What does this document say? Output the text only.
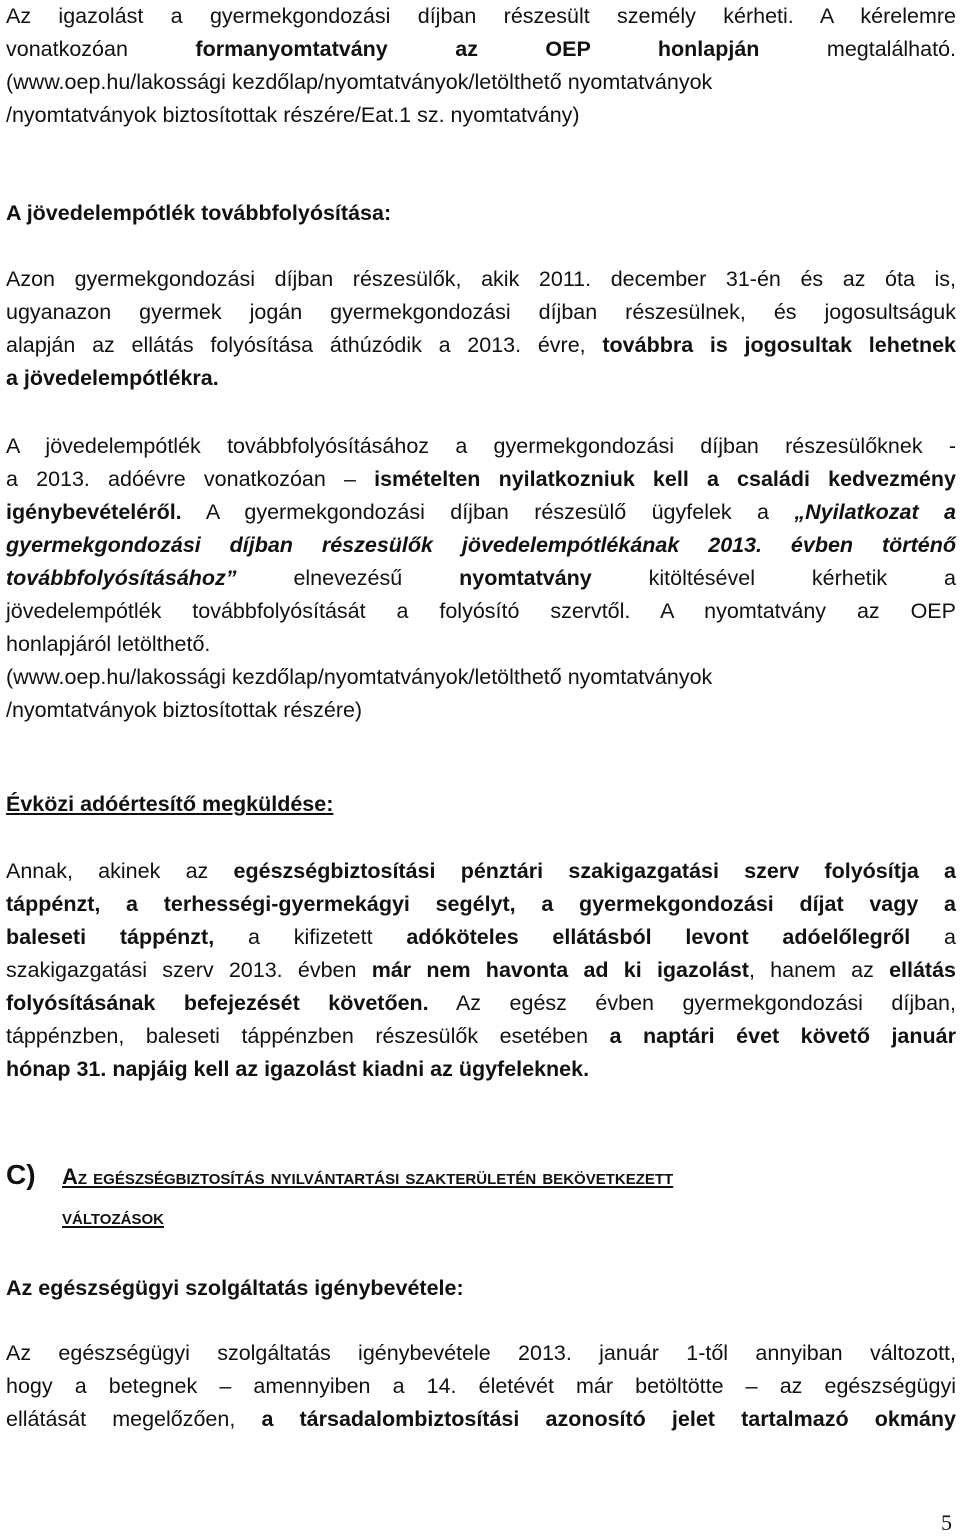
Az igazolást a gyermekgondozási díjban részesült személy kérheti. A kérelemre

vonatkozóan formanyomtatvány az OEP honlapján megtalálható.

(www.oep.hu/lakossági kezdőlap/nyomtatványok/letölthető nyomtatványok

/nyomtatványok biztosítottak részére/Eat.1 sz. nyomtatvány)

A jövedelempótlék továbbfolyósítása:

Azon gyermekgondozási díjban részesülők, akik 2011. december 31-én és az óta is,

ugyanazon gyermek jogán gyermekgondozási díjban részesülnek, és jogosultságuk

alapján az ellátás folyósítása áthúzódik a 2013. évre, továbbra is jogosultak lehetnek

a jövedelempótlékra.

A jövedelempótlék továbbfolyósításához a gyermekgondozási díjban részesülőknek -

a 2013. adóévre vonatkozóan – ismételten nyilatkozniuk kell a családi kedvezmény

igénybevételéről. A gyermekgondozási díjban részesülő ügyfelek a „Nyilatkozat a

gyermekgondozási díjban részesülők jövedelempótlékának 2013. évben történő

továbbfolyósításához” elnevezésű nyomtatvány kitöltésével kérhetik a

jövedelempótlék továbbfolyósítását a folyósító szervtől. A nyomtatvány az OEP

honlapjáról letölthető.

(www.oep.hu/lakossági kezdőlap/nyomtatványok/letölthető nyomtatványok

/nyomtatványok biztosítottak részére)

Évközi adóértesítő megküldése:

Annak, akinek az egészségbiztosítási pénztári szakigazgatási szerv folyósítja a

táppénzt, a terhességi-gyermekágyi segélyt, a gyermekgondozási díjat vagy a

baleseti táppénzt, a kifizetett adóköteles ellátásból levont adóelőlegről a

szakigazgatási szerv 2013. évben már nem havonta ad ki igazolást, hanem az ellátás

folyósításának befejezését követően. Az egész évben gyermekgondozási díjban,

táppénzben, baleseti táppénzben részesülők esetében a naptári évet követő január

hónap 31. napjáig kell az igazolást kiadni az ügyfeleknek.

C)	Az egészségbiztosítás nyilvántartási szakterületén bekövetkezett
változások

Az egészségügyi szolgáltatás igénybevétele:

Az egészségügyi szolgáltatás igénybevétele 2013. január 1-től annyiban változott,

hogy a betegnek – amennyiben a 14. életévét már betöltötte – az egészségügyi

ellátását megelőzően, a társadalombiztosítási azonosító jelet tartalmazó okmány

5
